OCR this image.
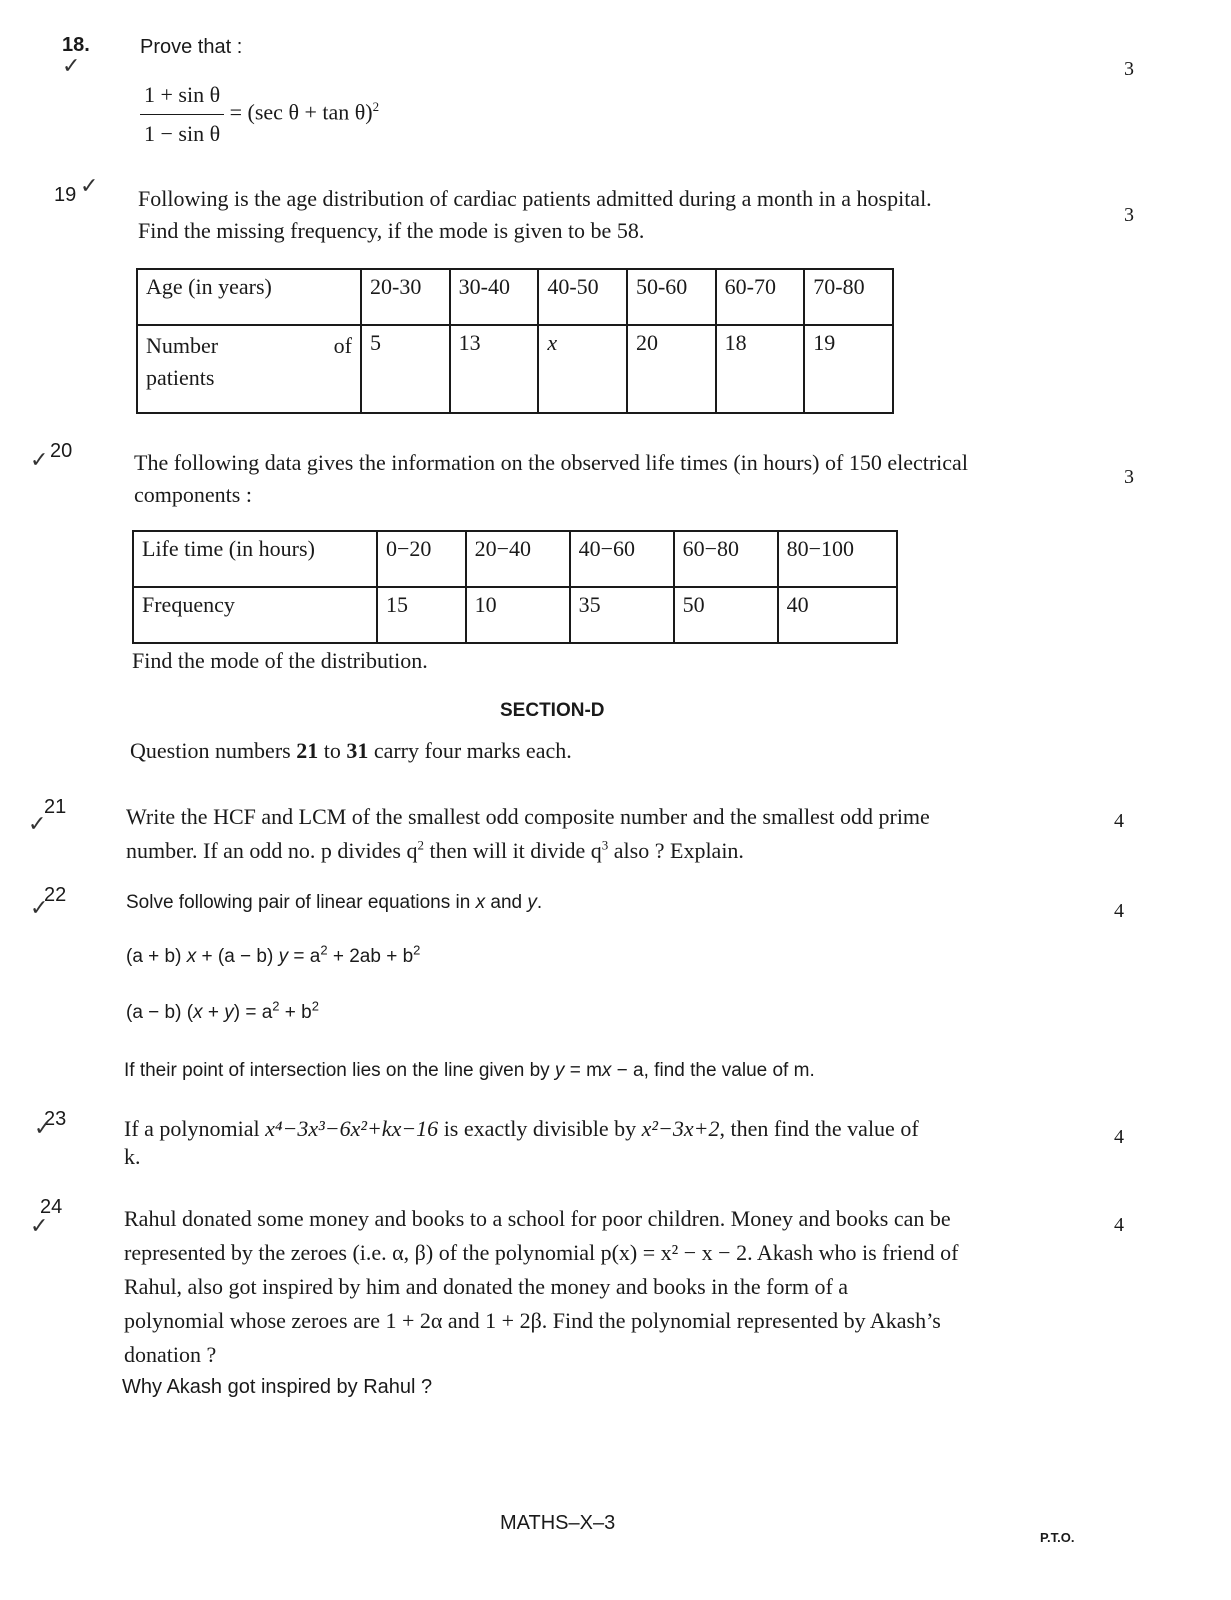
18.
✓
Prove that :
$\frac{\text{1 + sin θ}}{\text{1 − sin θ}} = (\sec$ θ + tan θ)$^2$
3
19 ✓ Following is the age distribution of cardiac patients admitted during a month in a hospital.
Find the missing frequency, if the mode is given to be 58.
3
Age (in years)	20-30	30-40	40-50	50-60	60-70	70-80

Number of
patients	5	13	x	20	18	19
✓ 20	The following data gives the information on the observed life times (in hours) of 150 electrical
components :
3
Life time (in hours)	0−20	20−40	40−60	60−80	80−100
Frequency	15	10	35	50	40
Find the mode of the distribution.
SECTION-D
Question numbers 21 to 31 carry four marks each.
21
✓	Write the HCF and LCM of the smallest odd composite number and the smallest odd prime
number. If an odd no. p divides $q^2$ then will it divide $q^3$ also ? Explain.
4
22
✓	Solve following pair of linear equations in x and y.	4
(a + b) x + (a − b) $y = a^2 + 2ab + b^2$
(a − b) $(x + y) = a^2 + b^2$
If their point of intersection lies on the line given by y = mx − a, find the value of m.
23
✓	If a polynomial x⁴−3x³−6x²+kx−16 is exactly divisible by x²−3x+2, then find the value of
k.
4
24
✓	Rahul donated some money and books to a school for poor children. Money and books can be
represented by the zeroes (i.e. α, β) of the polynomial p(x) = x² − x − 2. Akash who is friend of
Rahul, also got inspired by him and donated the money and books in the form of a
polynomial whose zeroes are 1 + 2α and 1 + 2β. Find the polynomial represented by Akash’s
donation ?
Why Akash got inspired by Rahul ?
4
MATHS–X–3
P.T.O.
